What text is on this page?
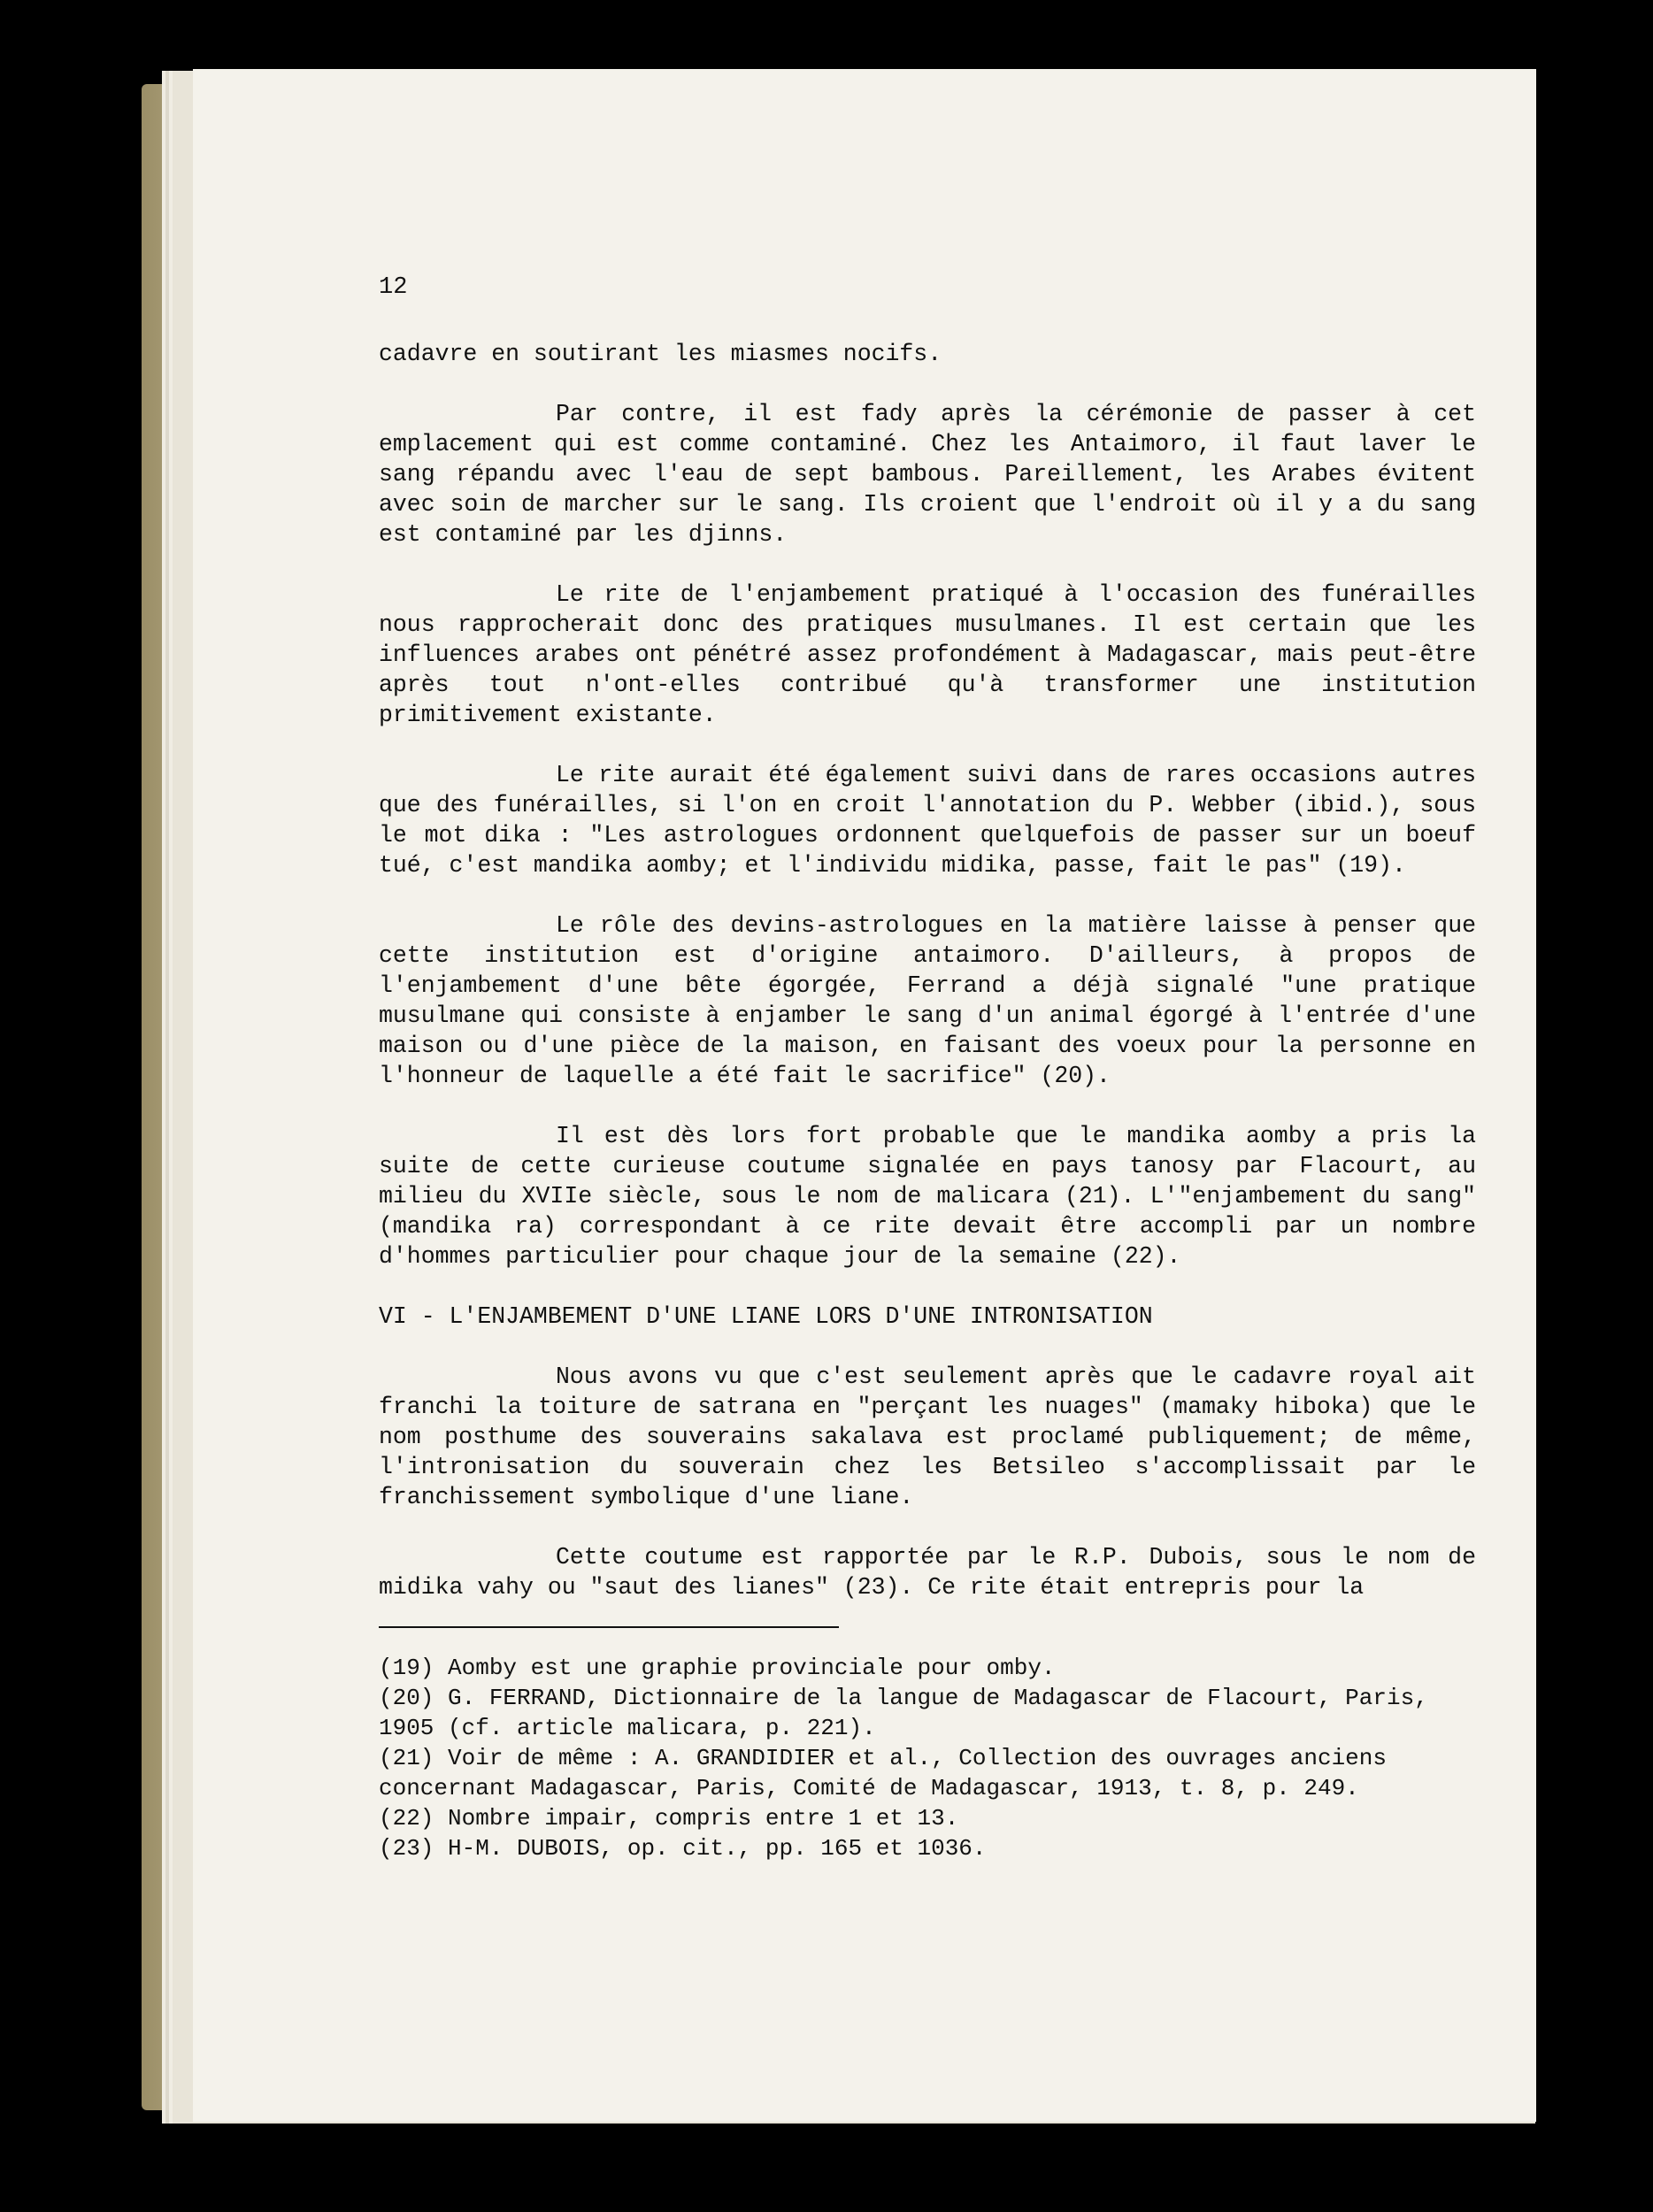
12

cadavre en soutirant les miasmes nocifs.

Par contre, il est fady après la cérémonie de passer à cet emplacement qui est comme contaminé. Chez les Antaimoro, il faut laver le sang répandu avec l'eau de sept bambous. Pareillement, les Arabes évitent avec soin de marcher sur le sang. Ils croient que l'endroit où il y a du sang est contaminé par les djinns.

Le rite de l'enjambement pratiqué à l'occasion des funérailles nous rapprocherait donc des pratiques musulmanes. Il est certain que les influences arabes ont pénétré assez profondément à Madagascar, mais peut-être après tout n'ont-elles contribué qu'à transformer une institution primitivement existante.

Le rite aurait été également suivi dans de rares occasions autres que des funérailles, si l'on en croit l'annotation du P. Webber (ibid.), sous le mot dika : "Les astrologues ordonnent quelquefois de passer sur un boeuf tué, c'est mandika aomby; et l'individu midika, passe, fait le pas" (19).

Le rôle des devins-astrologues en la matière laisse à penser que cette institution est d'origine antaimoro. D'ailleurs, à propos de l'enjambement d'une bête égorgée, Ferrand a déjà signalé "une pratique musulmane qui consiste à enjamber le sang d'un animal égorgé à l'entrée d'une maison ou d'une pièce de la maison, en faisant des voeux pour la personne en l'honneur de laquelle a été fait le sacrifice" (20).

Il est dès lors fort probable que le mandika aomby a pris la suite de cette curieuse coutume signalée en pays tanosy par Flacourt, au milieu du XVIIe siècle, sous le nom de malicara (21). L'"enjambement du sang" (mandika ra) correspondant à ce rite devait être accompli par un nombre d'hommes particulier pour chaque jour de la semaine (22).

VI - L'ENJAMBEMENT D'UNE LIANE LORS D'UNE INTRONISATION

Nous avons vu que c'est seulement après que le cadavre royal ait franchi la toiture de satrana en "perçant les nuages" (mamaky hiboka) que le nom posthume des souverains sakalava est proclamé publiquement; de même, l'intronisation du souverain chez les Betsileo s'accomplissait par le franchissement symbolique d'une liane.

Cette coutume est rapportée par le R.P. Dubois, sous le nom de midika vahy ou "saut des lianes" (23). Ce rite était entrepris pour la

(19) Aomby est une graphie provinciale pour omby.

(20) G. FERRAND, Dictionnaire de la langue de Madagascar de Flacourt, Paris, 1905 (cf. article malicara, p. 221).

(21) Voir de même : A. GRANDIDIER et al., Collection des ouvrages anciens concernant Madagascar, Paris, Comité de Madagascar, 1913, t. 8, p. 249.

(22) Nombre impair, compris entre 1 et 13.

(23) H-M. DUBOIS, op. cit., pp. 165 et 1036.
